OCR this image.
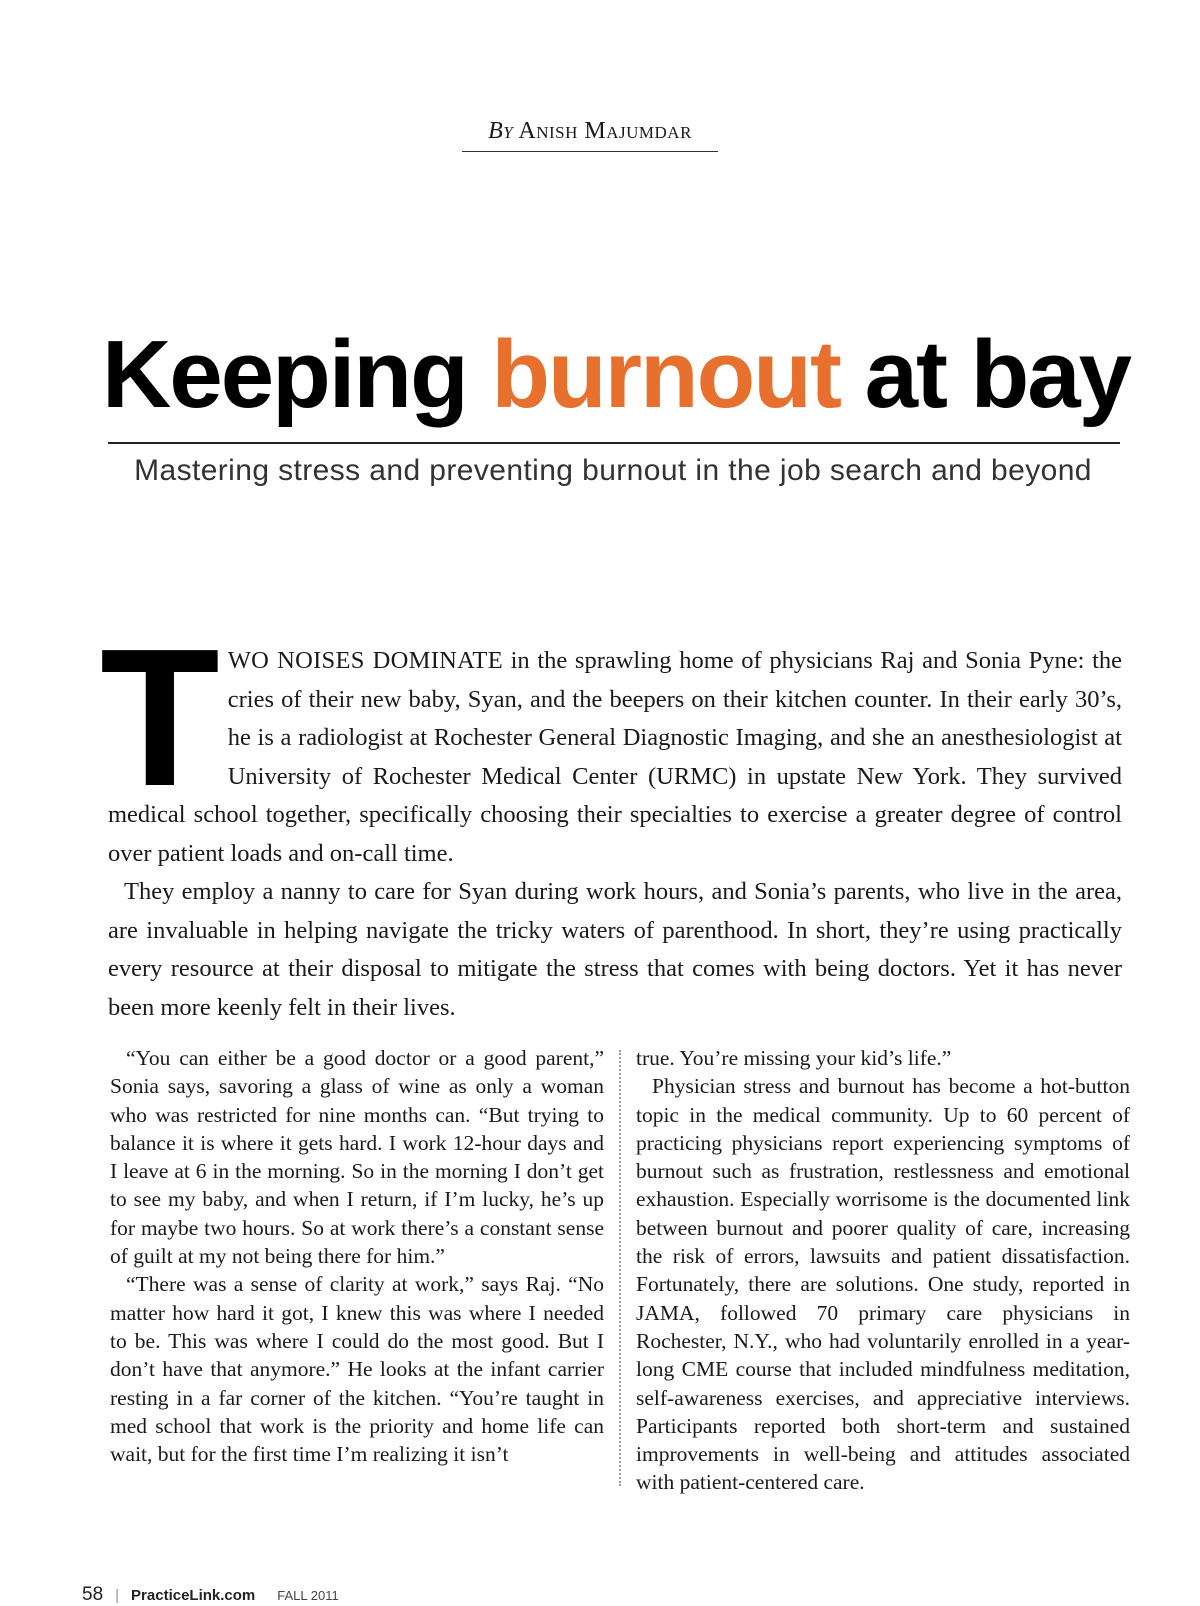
By Anish Majumdar
Keeping burnout at bay
Mastering stress and preventing burnout in the job search and beyond

TWO NOISES DOMINATE in the sprawling home of physicians Raj and Sonia Pyne: the cries of their new baby, Syan, and the beepers on their kitchen counter. In their early 30’s, he is a radiologist at Rochester General Diagnostic Imaging, and she an anesthesiologist at University of Rochester Medical Center (URMC) in upstate New York. They survived medical school together, specifically choosing their specialties to exercise a greater degree of control over patient loads and on-call time.

They employ a nanny to care for Syan during work hours, and Sonia’s parents, who live in the area, are invaluable in helping navigate the tricky waters of parenthood. In short, they’re using practically every resource at their disposal to mitigate the stress that comes with being doctors. Yet it has never been more keenly felt in their lives.

“You can either be a good doctor or a good parent,” Sonia says, savoring a glass of wine as only a woman who was restricted for nine months can. “But trying to balance it is where it gets hard. I work 12-hour days and I leave at 6 in the morning. So in the morning I don’t get to see my baby, and when I return, if I’m lucky, he’s up for maybe two hours. So at work there’s a constant sense of guilt at my not being there for him.”

“There was a sense of clarity at work,” says Raj. “No matter how hard it got, I knew this was where I needed to be. This was where I could do the most good. But I don’t have that anymore.” He looks at the infant carrier resting in a far corner of the kitchen. “You’re taught in med school that work is the priority and home life can wait, but for the first time I’m realizing it isn’t

true. You’re missing your kid’s life.”

Physician stress and burnout has become a hot-button topic in the medical community. Up to 60 percent of practicing physicians report experiencing symptoms of burnout such as frustration, restlessness and emotional exhaustion. Especially worrisome is the documented link between burnout and poorer quality of care, increasing the risk of errors, lawsuits and patient dissatisfaction. Fortunately, there are solutions. One study, reported in JAMA, followed 70 primary care physicians in Rochester, N.Y., who had voluntarily enrolled in a year-long CME course that included mindfulness meditation, self-awareness exercises, and appreciative interviews. Participants reported both short-term and sustained improvements in well-being and attitudes associated with patient-centered care.

58 | PracticeLink.com FALL 2011
